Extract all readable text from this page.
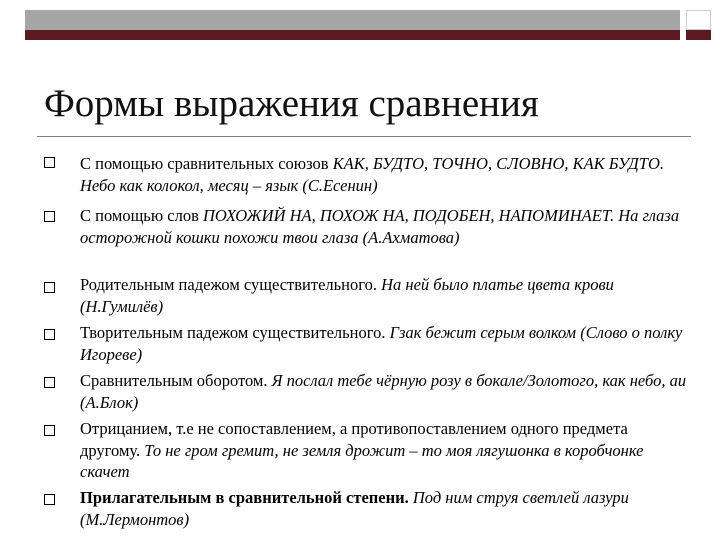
Формы выражения сравнения
С помощью сравнительных союзов КАК, БУДТО, ТОЧНО, СЛОВНО, КАК БУДТО. Небо как колокол, месяц – язык (С.Есенин)
С помощью слов ПОХОЖИЙ НА, ПОХОЖ НА, ПОДОБЕН, НАПОМИНАЕТ. На глаза осторожной кошки похожи твои глаза (А.Ахматова)
Родительным падежом существительного. На ней было платье цвета крови (Н.Гумилёв)
Творительным падежом существительного. Гзак бежит серым волком (Слово о полку Игореве)
Сравнительным оборотом. Я послал тебе чёрную розу в бокале/Золотого, как небо, аи (А.Блок)
Отрицанием, т.е не сопоставлением, а противопоставлением одного предмета другому. То не гром гремит, не земля дрожит – то моя лягушонка в коробчонке скачет
Прилагательным в сравнительной степени. Под ним струя светлей лазури (М.Лермонтов)
